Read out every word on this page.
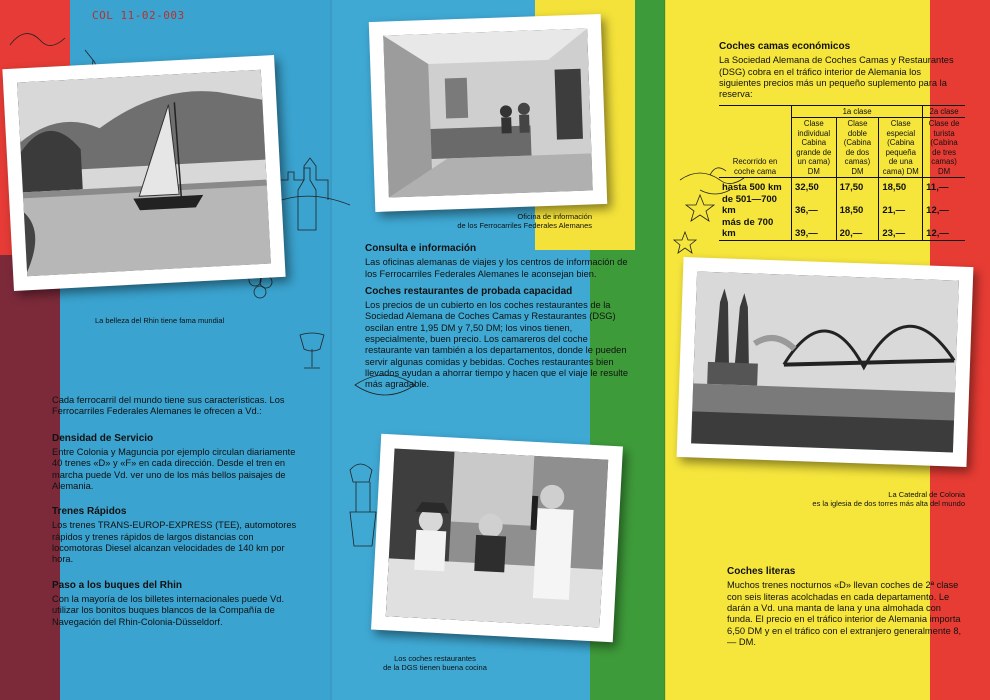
COL 11-02-003
La belleza del Rhin tiene fama mundial
Oficina de información
de los Ferrocarriles Federales Alemanes
La Catedral de Colonia
es la iglesia de dos torres más alta del mundo
Los coches restaurantes
de la DGS tienen buena cocina

Cada ferrocarril del mundo tiene sus características. Los Ferrocarriles Federales Alemanes le ofrecen a Vd.:

Densidad de Servicio

Entre Colonia y Maguncia por ejemplo circulan diariamente 40 trenes «D» y «F» en cada dirección. Desde el tren en marcha puede Vd. ver uno de los más bellos paisajes de Alemania.

Trenes Rápidos

Los trenes TRANS-EUROP-EXPRESS (TEE), automotores rápidos y trenes rápidos de largos distancias con locomotoras Diesel alcanzan velocidades de 140 km por hora.

Paso a los buques del Rhin

Con la mayoría de los billetes internacionales puede Vd. utilizar los bonitos buques blancos de la Compañía de Navegación del Rhin-Colonia-Düsseldorf.

Consulta e información

Las oficinas alemanas de viajes y los centros de información de los Ferrocarriles Federales Alemanes le aconsejan bien.

Coches restaurantes de probada capacidad

Los precios de un cubierto en los coches restaurantes de la Sociedad Alemana de Coches Camas y Restaurantes (DSG) oscilan entre 1,95 DM y 7,50 DM; los vinos tienen, especialmente, buen precio. Los camareros del coche restaurante van también a los departamentos, donde le pueden servir algunas comidas y bebidas. Coches restaurantes bien llevados ayudan a ahorrar tiempo y hacen que el viaje le resulte más agradable.

Coches camas económicos

La Sociedad Alemana de Coches Camas y Restaurantes (DSG) cobra en el tráfico interior de Alemania los siguientes precios más un pequeño suplemento para la reserva:

Recorrido en coche cama	1a clase			2a clase
	Clase individual Cabina grande de un cama) DM	Clase doble (Cabina de dos camas) DM	Clase especial (Cabina pequeña de una cama) DM	Clase de turista (Cabina de tres camas) DM
hasta 500 km	32,50	17,50	18,50	11,—
de 501—700 km	36,—	18,50	21,—	12,—
más de 700 km	39,—	20,—	23,—	12,—
Coches literas

Muchos trenes nocturnos «D» llevan coches de 2ª clase con seis literas acolchadas en cada departamento. Le darán a Vd. una manta de lana y una almohada con funda. El precio en el tráfico interior de Alemania importa 6,50 DM y en el tráfico con el extranjero generalmente 8,— DM.
